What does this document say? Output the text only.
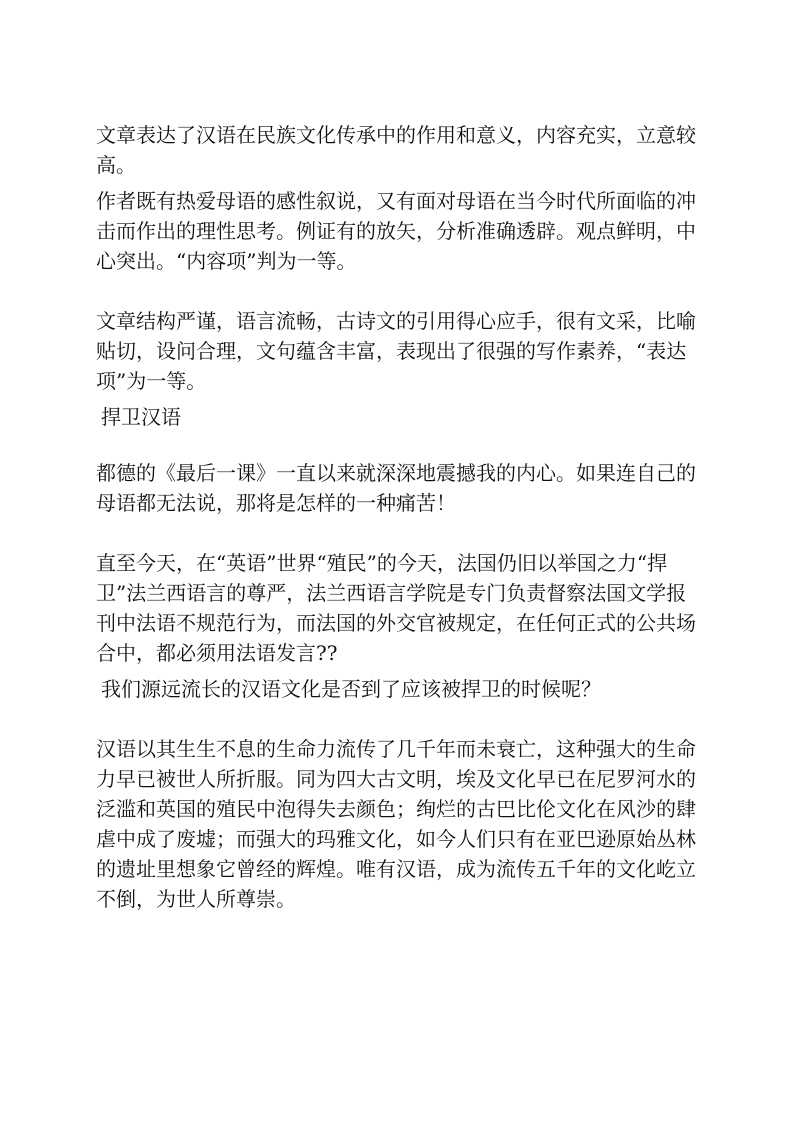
文章表达了汉语在民族文化传承中的作用和意义，内容充实，立意较高。

作者既有热爱母语的感性叙说，又有面对母语在当今时代所面临的冲击而作出的理性思考。例证有的放矢，分析准确透辟。观点鲜明，中心突出。“内容项”判为一等。

文章结构严谨，语言流畅，古诗文的引用得心应手，很有文采，比喻贴切，设问合理，文句蕴含丰富，表现出了很强的写作素养，“表达项”为一等。

捍卫汉语

都德的《最后一课》一直以来就深深地震撼我的内心。如果连自己的母语都无法说，那将是怎样的一种痛苦！

直至今天，在“英语”世界“殖民”的今天，法国仍旧以举国之力“捍卫”法兰西语言的尊严，法兰西语言学院是专门负责督察法国文学报刊中法语不规范行为，而法国的外交官被规定，在任何正式的公共场合中，都必须用法语发言??

我们源远流长的汉语文化是否到了应该被捍卫的时候呢？

汉语以其生生不息的生命力流传了几千年而未衰亡，这种强大的生命力早已被世人所折服。同为四大古文明，埃及文化早已在尼罗河水的泛滥和英国的殖民中泡得失去颜色；绚烂的古巴比伦文化在风沙的肆虐中成了废墟；而强大的玛雅文化，如今人们只有在亚巴逊原始丛林的遗址里想象它曾经的辉煌。唯有汉语，成为流传五千年的文化屹立不倒，为世人所尊崇。
